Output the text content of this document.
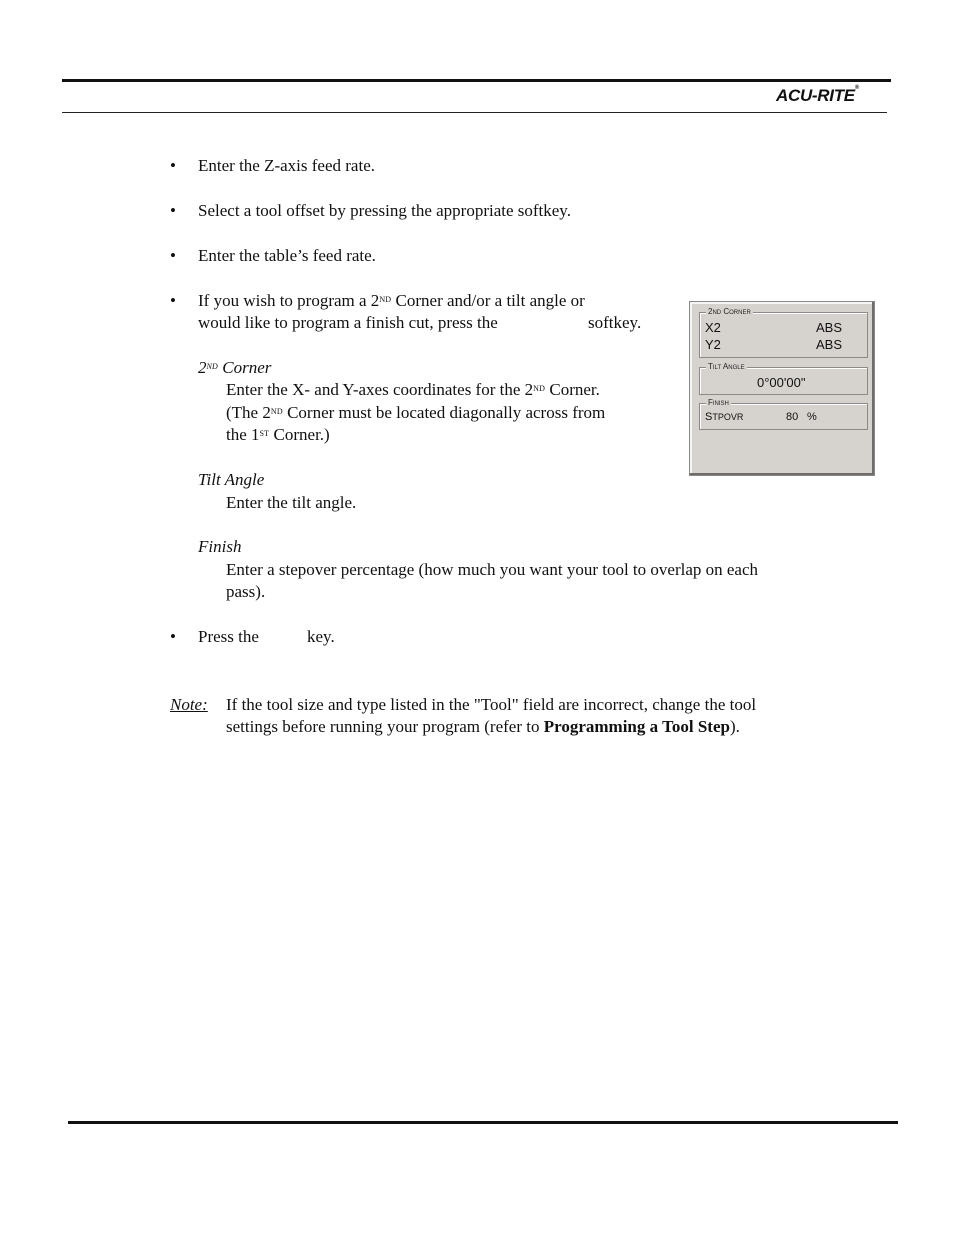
ACU-RITE®
• Enter the Z-axis feed rate.
• Select a tool offset by pressing the appropriate softkey.
• Enter the table’s feed rate.
• If you wish to program a 2ND Corner and/or a tilt angle or
would like to program a finish cut, press the	softkey.
2ND Corner
Enter the X- and Y-axes coordinates for the 2ND Corner.
(The 2ND Corner must be located diagonally across from
the 1ST Corner.)
Tilt Angle
Enter the tilt angle.
Finish
Enter a stepover percentage (how much you want your tool to overlap on each
pass).
• Press the	key.
Note: If the tool size and type listed in the "Tool" field are incorrect, change the tool
settings before running your program (refer to Programming a Tool Step).
2ND CORNER
X2	ABS
Y2	ABS
TILT ANGLE
0°00'00"
FINISH
STPOVR	80 %
